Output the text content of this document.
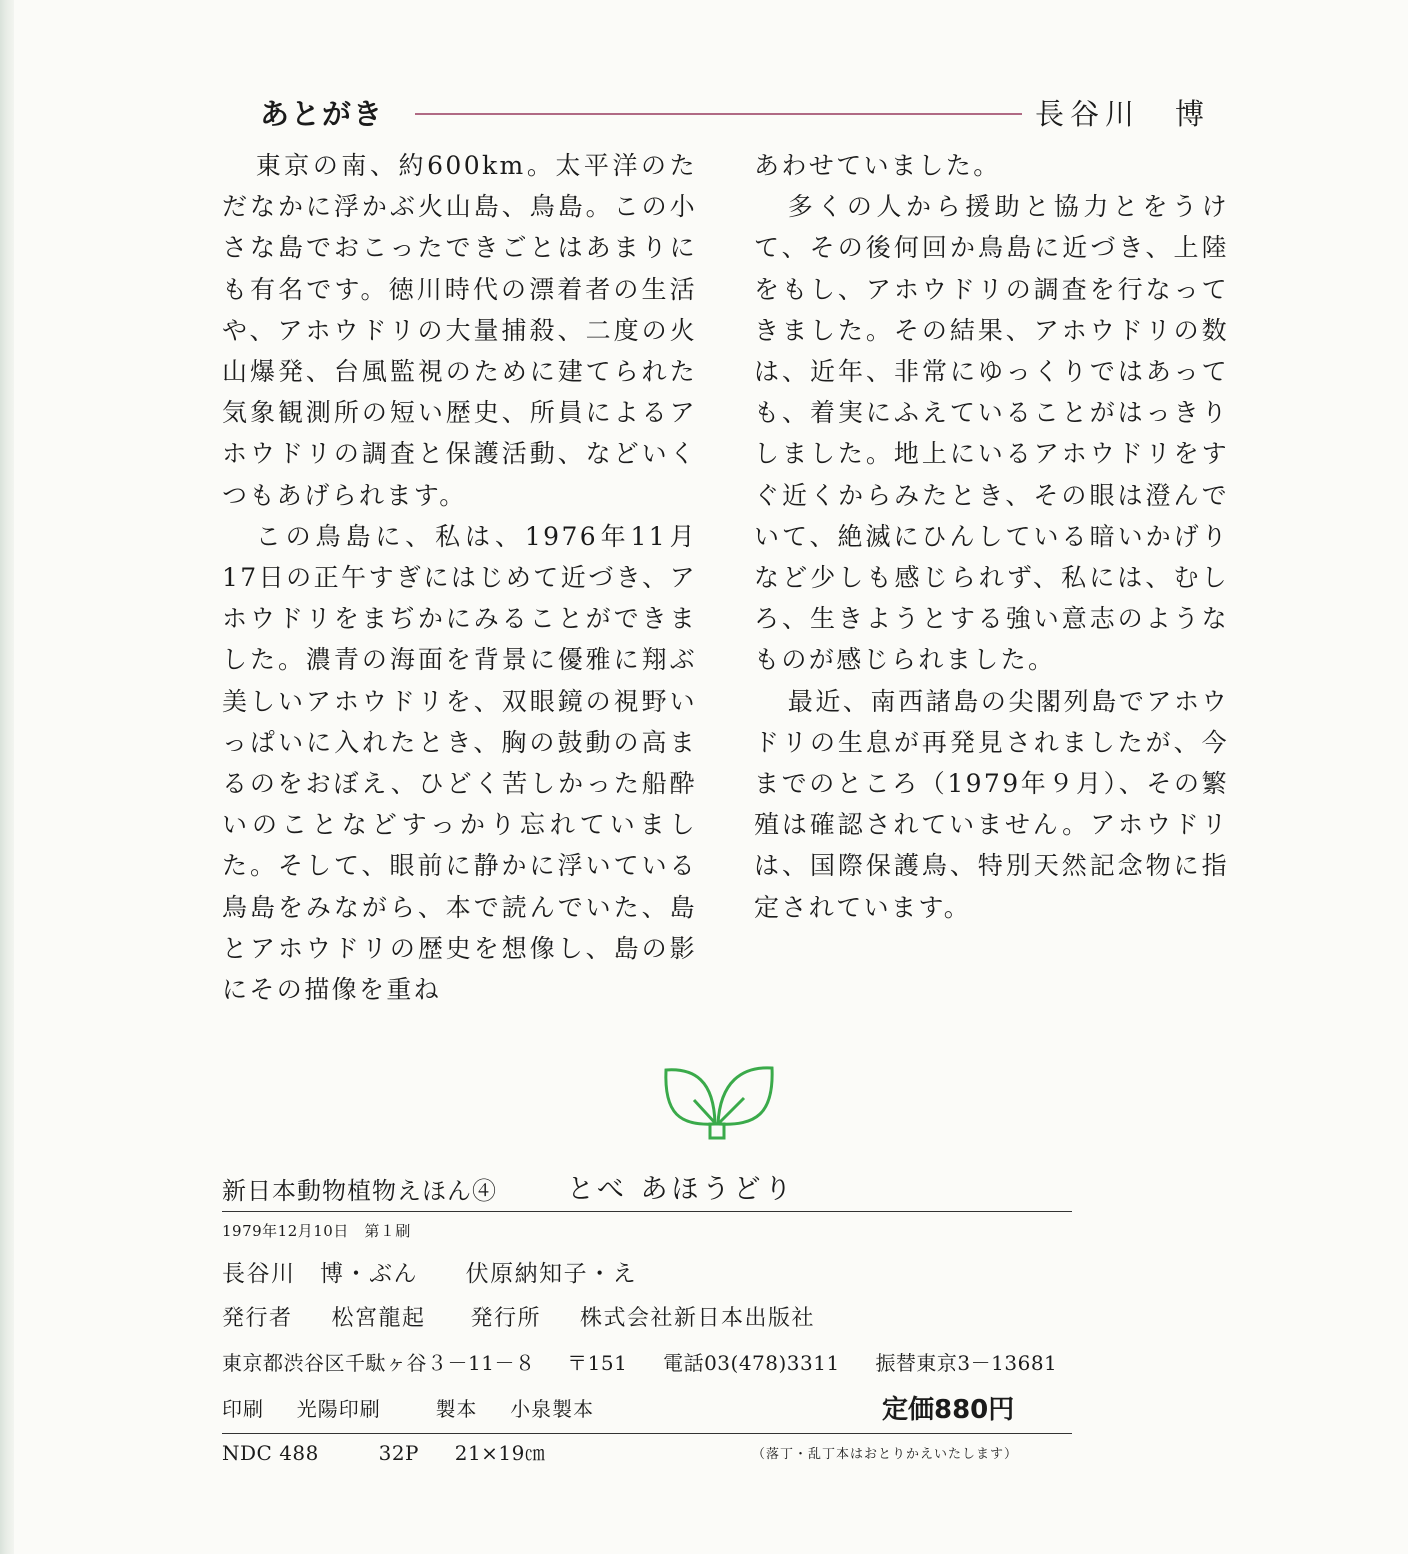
あとがき	長谷川　博

東京の南、約600km。太平洋のただなかに浮かぶ火山島、鳥島。この小さな島でおこったできごとはあまりにも有名です。徳川時代の漂着者の生活や、アホウドリの大量捕殺、二度の火山爆発、台風監視のために建てられた気象観測所の短い歴史、所員によるアホウドリの調査と保護活動、などいくつもあげられます。

この鳥島に、私は、1976年11月17日の正午すぎにはじめて近づき、アホウドリをまぢかにみることができました。濃青の海面を背景に優雅に翔ぶ美しいアホウドリを、双眼鏡の視野いっぱいに入れたとき、胸の鼓動の高まるのをおぼえ、ひどく苦しかった船酔いのことなどすっかり忘れていました。そして、眼前に静かに浮いている鳥島をみながら、本で読んでいた、島とアホウドリの歴史を想像し、島の影にその描像を重ね

あわせていました。

多くの人から援助と協力とをうけて、その後何回か鳥島に近づき、上陸をもし、アホウドリの調査を行なってきました。その結果、アホウドリの数は、近年、非常にゆっくりではあっても、着実にふえていることがはっきりしました。地上にいるアホウドリをすぐ近くからみたとき、その眼は澄んでいて、絶滅にひんしている暗いかげりなど少しも感じられず、私には、むしろ、生きようとする強い意志のようなものが感じられました。

最近、南西諸島の尖閣列島でアホウドリの生息が再発見されましたが、今までのところ（1979年９月）、その繁殖は確認されていません。アホウドリは、国際保護鳥、特別天然記念物に指定されています。

新日本動物植物えほん④	とべ あほうどり
1979年12月10日　第１刷
長谷川　博・ぶん 伏原納知子・え
発行者 松宮龍起 発行所 株式会社新日本出版社
東京都渋谷区千駄ヶ谷３－11－８ 〒151 電話03(478)3311 振替東京3－13681
印刷 光陽印刷	製本 小泉製本	定価880円
NDC 488	32P 21×19㎝	（落丁・乱丁本はおとりかえいたします）
